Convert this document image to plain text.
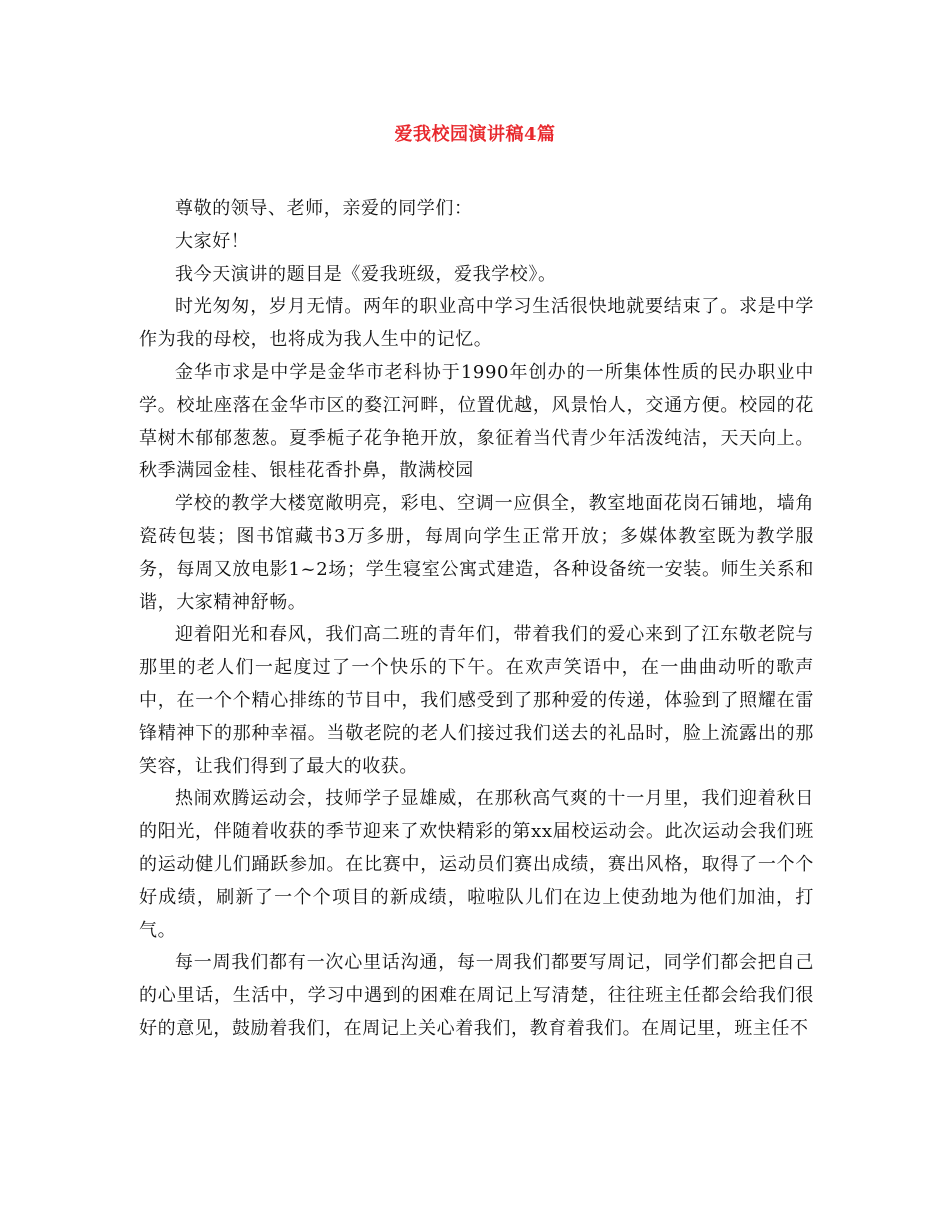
爱我校园演讲稿4篇

尊敬的领导、老师，亲爱的同学们：

大家好！

我今天演讲的题目是《爱我班级，爱我学校》。

时光匆匆，岁月无情。两年的职业高中学习生活很快地就要结束了。求是中学作为我的母校，也将成为我人生中的记忆。

金华市求是中学是金华市老科协于1990年创办的一所集体性质的民办职业中学。校址座落在金华市区的婺江河畔，位置优越，风景怡人，交通方便。校园的花草树木郁郁葱葱。夏季栀子花争艳开放，象征着当代青少年活泼纯洁，天天向上。秋季满园金桂、银桂花香扑鼻，散满校园

学校的教学大楼宽敞明亮，彩电、空调一应俱全，教室地面花岗石铺地，墙角瓷砖包装；图书馆藏书3万多册，每周向学生正常开放；多媒体教室既为教学服务，每周又放电影1~2场；学生寝室公寓式建造，各种设备统一安装。师生关系和谐，大家精神舒畅。

迎着阳光和春风，我们高二班的青年们，带着我们的爱心来到了江东敬老院与那里的老人们一起度过了一个快乐的下午。在欢声笑语中，在一曲曲动听的歌声中，在一个个精心排练的节目中，我们感受到了那种爱的传递，体验到了照耀在雷锋精神下的那种幸福。当敬老院的老人们接过我们送去的礼品时，脸上流露出的那笑容，让我们得到了最大的收获。

热闹欢腾运动会，技师学子显雄威，在那秋高气爽的十一月里，我们迎着秋日的阳光，伴随着收获的季节迎来了欢快精彩的第xx届校运动会。此次运动会我们班的运动健儿们踊跃参加。在比赛中，运动员们赛出成绩，赛出风格，取得了一个个好成绩，刷新了一个个项目的新成绩，啦啦队儿们在边上使劲地为他们加油，打气。

每一周我们都有一次心里话沟通，每一周我们都要写周记，同学们都会把自己的心里话，生活中，学习中遇到的困难在周记上写清楚，往往班主任都会给我们很好的意见，鼓励着我们，在周记上关心着我们，教育着我们。在周记里，班主任不
